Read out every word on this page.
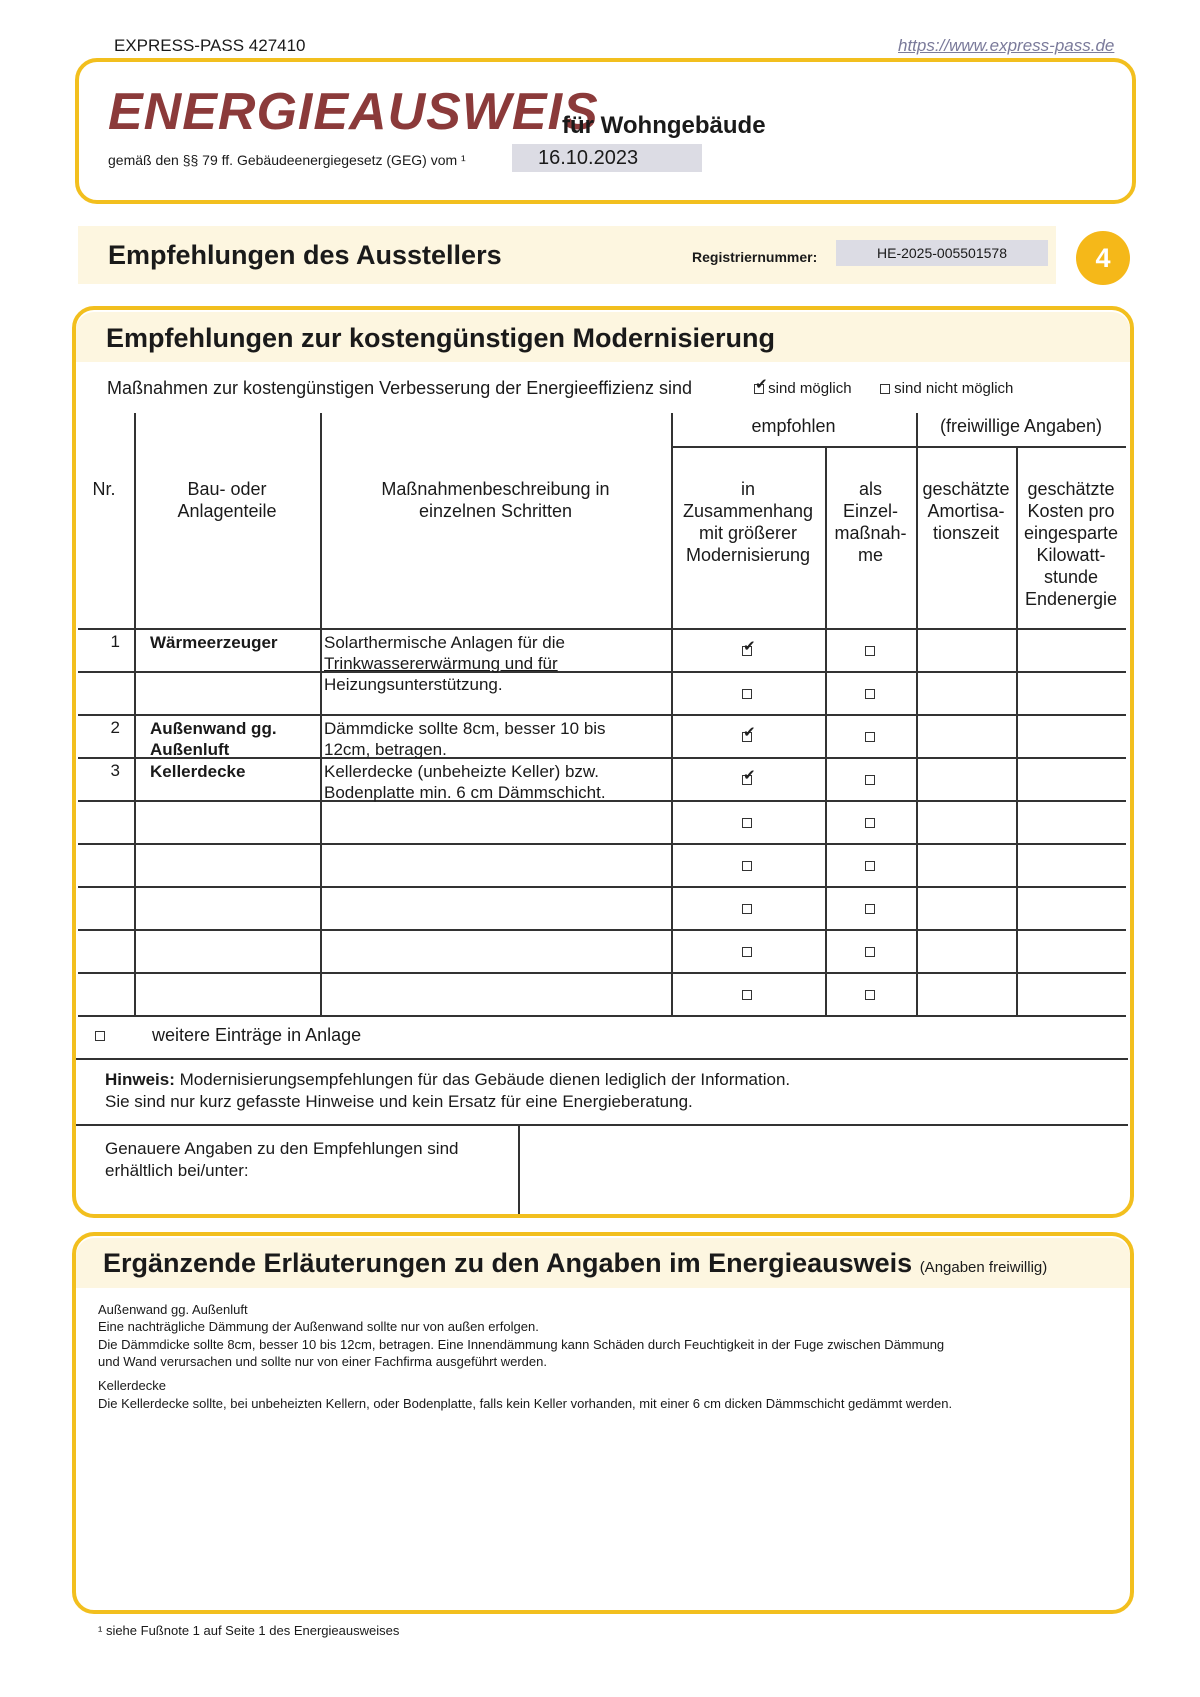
EXPRESS-PASS 427410	https://www.express-pass.de
ENERGIEAUSWEIS
für Wohngebäude
gemäß den §§ 79 ff. Gebäudeenergiegesetz (GEG) vom ¹	16.10.2023
Empfehlungen des Ausstellers	Registriernummer:	HE-2025-005501578	4
Empfehlungen zur kostengünstigen Modernisierung
Maßnahmen zur kostengünstigen Verbesserung der Energieeffizienz sind
✔	sind möglich	sind nicht möglich
empfohlen	(freiwillige Angaben)
Nr.	Bau- oder
Anlagenteile
Maßnahmenbeschreibung in
einzelnen Schritten
in
Zusammenhang
mit größerer
Modernisierung
als
Einzel-
maßnah-
me
geschätzte
Amortisa-
tionszeit
geschätzte
Kosten pro
eingesparte
Kilowatt-
stunde
Endenergie
✔
✔
✔
1 Wärmeerzeuger	Solarthermische Anlagen für die
Trinkwassererwärmung und für
Heizungsunterstützung.
2 Außenwand gg.
Außenluft
Dämmdicke sollte 8cm, besser 10 bis
12cm, betragen.
3 Kellerdecke	Kellerdecke (unbeheizte Keller) bzw.
Bodenplatte min. 6 cm Dämmschicht.
weitere Einträge in Anlage
Hinweis: Modernisierungsempfehlungen für das Gebäude dienen lediglich der Information.
Sie sind nur kurz gefasste Hinweise und kein Ersatz für eine Energieberatung.
Genauere Angaben zu den Empfehlungen sind
erhältlich bei/unter:
Ergänzende Erläuterungen zu den Angaben im Energieausweis (Angaben freiwillig)
Außenwand gg. Außenluft
Eine nachträgliche Dämmung der Außenwand sollte nur von außen erfolgen.
Die Dämmdicke sollte 8cm, besser 10 bis 12cm, betragen. Eine Innendämmung kann Schäden durch Feuchtigkeit in der Fuge zwischen Dämmung
und Wand verursachen und sollte nur von einer Fachfirma ausgeführt werden.
Kellerdecke
Die Kellerdecke sollte, bei unbeheizten Kellern, oder Bodenplatte, falls kein Keller vorhanden, mit einer 6 cm dicken Dämmschicht gedämmt werden.
¹ siehe Fußnote 1 auf Seite 1 des Energieausweises
